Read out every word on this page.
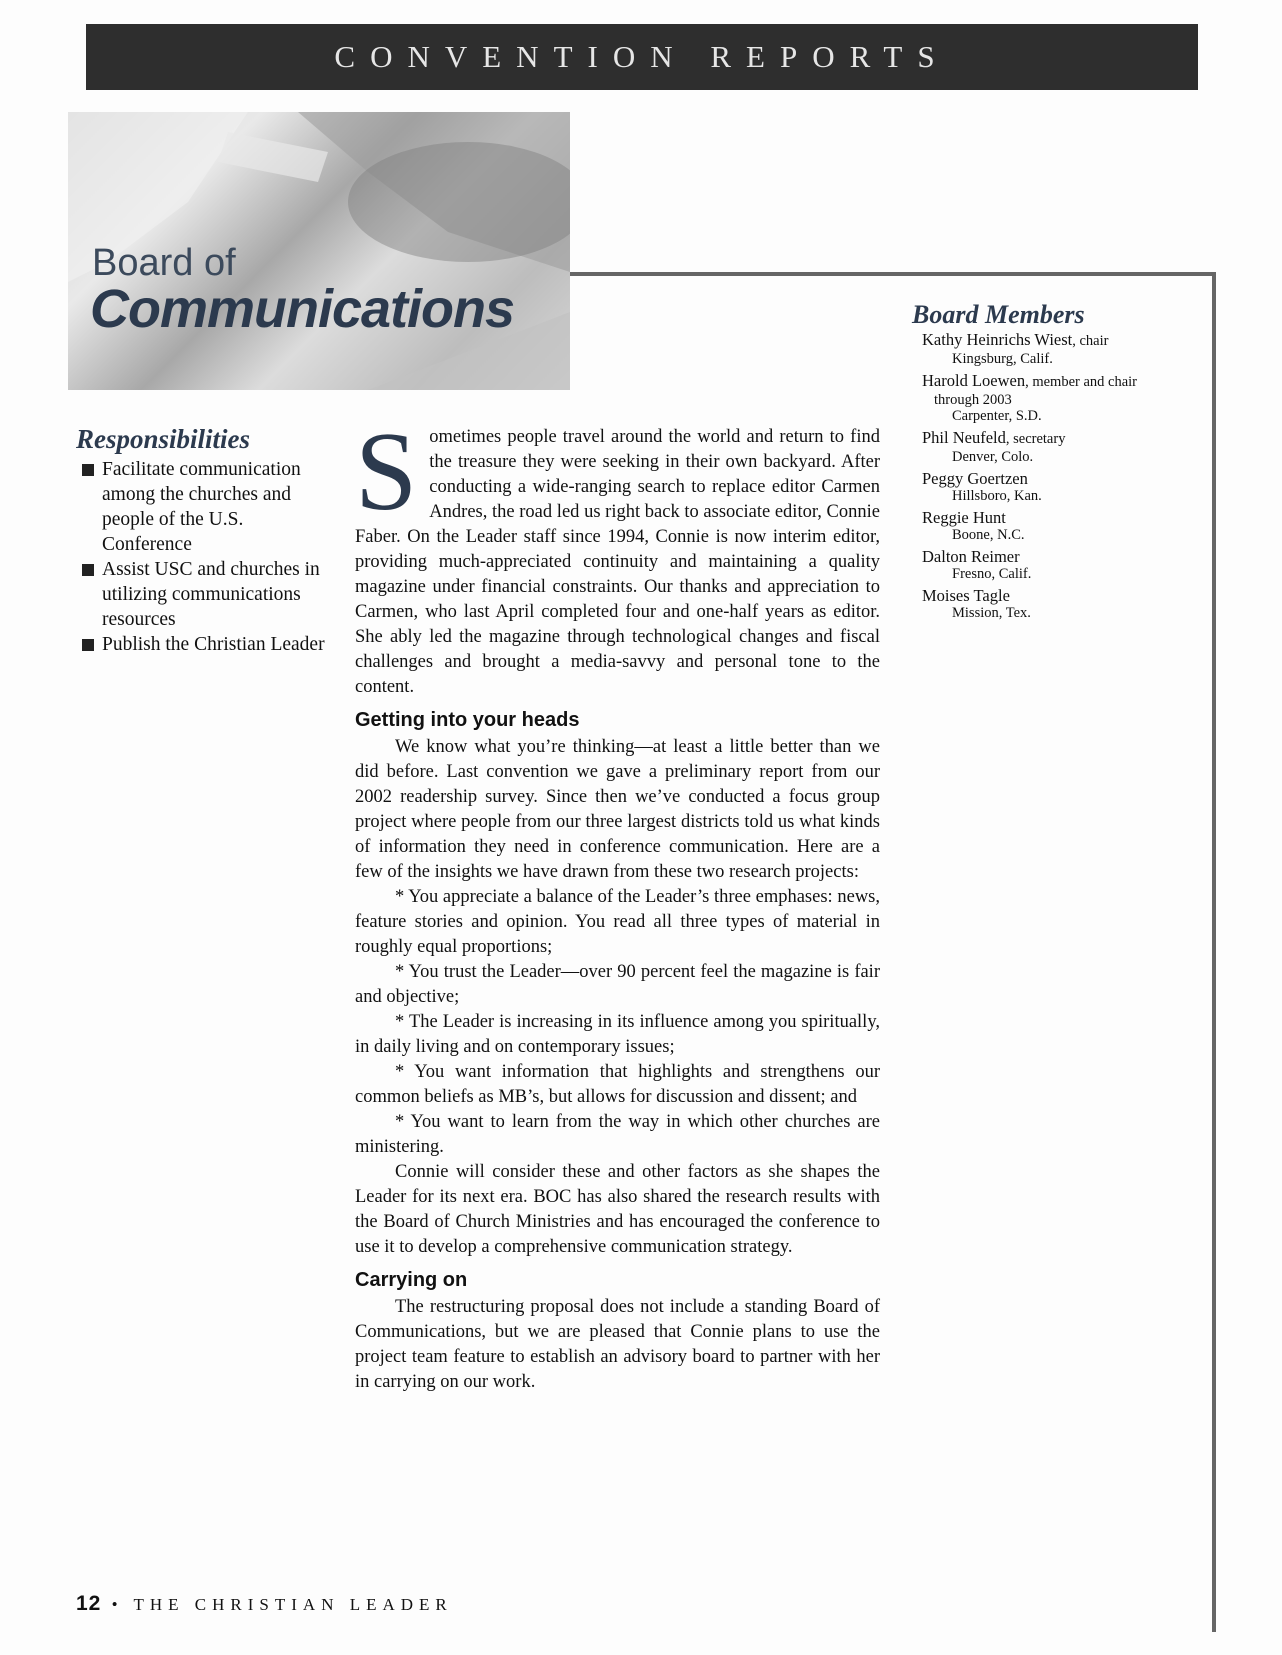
CONVENTION REPORTS
Board of
Communications
Responsibilities
Facilitate communication among the churches and people of the U.S. Conference
Assist USC and churches in utilizing communications resources
Publish the Christian Leader
Board Members
Kathy Heinrichs Wiest, chair
Kingsburg, Calif.
Harold Loewen, member and chair
through 2003
Carpenter, S.D.
Phil Neufeld, secretary
Denver, Colo.
Peggy Goertzen
Hillsboro, Kan.
Reggie Hunt
Boone, N.C.
Dalton Reimer
Fresno, Calif.
Moises Tagle
Mission, Tex.

Sometimes people travel around the world and return to find the treasure they were seeking in their own backyard. After conducting a wide-ranging search to replace editor Carmen Andres, the road led us right back to associate editor, Connie Faber. On the Leader staff since 1994, Connie is now interim editor, providing much-appreciated continuity and maintaining a quality magazine under financial constraints. Our thanks and appreciation to Carmen, who last April completed four and one-half years as editor. She ably led the magazine through technological changes and fiscal challenges and brought a media-savvy and personal tone to the content.

Getting into your heads

We know what you’re thinking—at least a little better than we did before. Last convention we gave a preliminary report from our 2002 readership survey. Since then we’ve conducted a focus group project where people from our three largest districts told us what kinds of information they need in conference communication. Here are a few of the insights we have drawn from these two research projects:

* You appreciate a balance of the Leader’s three emphases: news, feature stories and opinion. You read all three types of material in roughly equal proportions;

* You trust the Leader—over 90 percent feel the magazine is fair and objective;

* The Leader is increasing in its influence among you spiritually, in daily living and on contemporary issues;

* You want information that highlights and strengthens our common beliefs as MB’s, but allows for discussion and dissent; and

* You want to learn from the way in which other churches are ministering.

Connie will consider these and other factors as she shapes the Leader for its next era. BOC has also shared the research results with the Board of Church Ministries and has encouraged the conference to use it to develop a comprehensive communication strategy.

Carrying on

The restructuring proposal does not include a standing Board of Communications, but we are pleased that Connie plans to use the project team feature to establish an advisory board to partner with her in carrying on our work.

12 • THE CHRISTIAN LEADER
